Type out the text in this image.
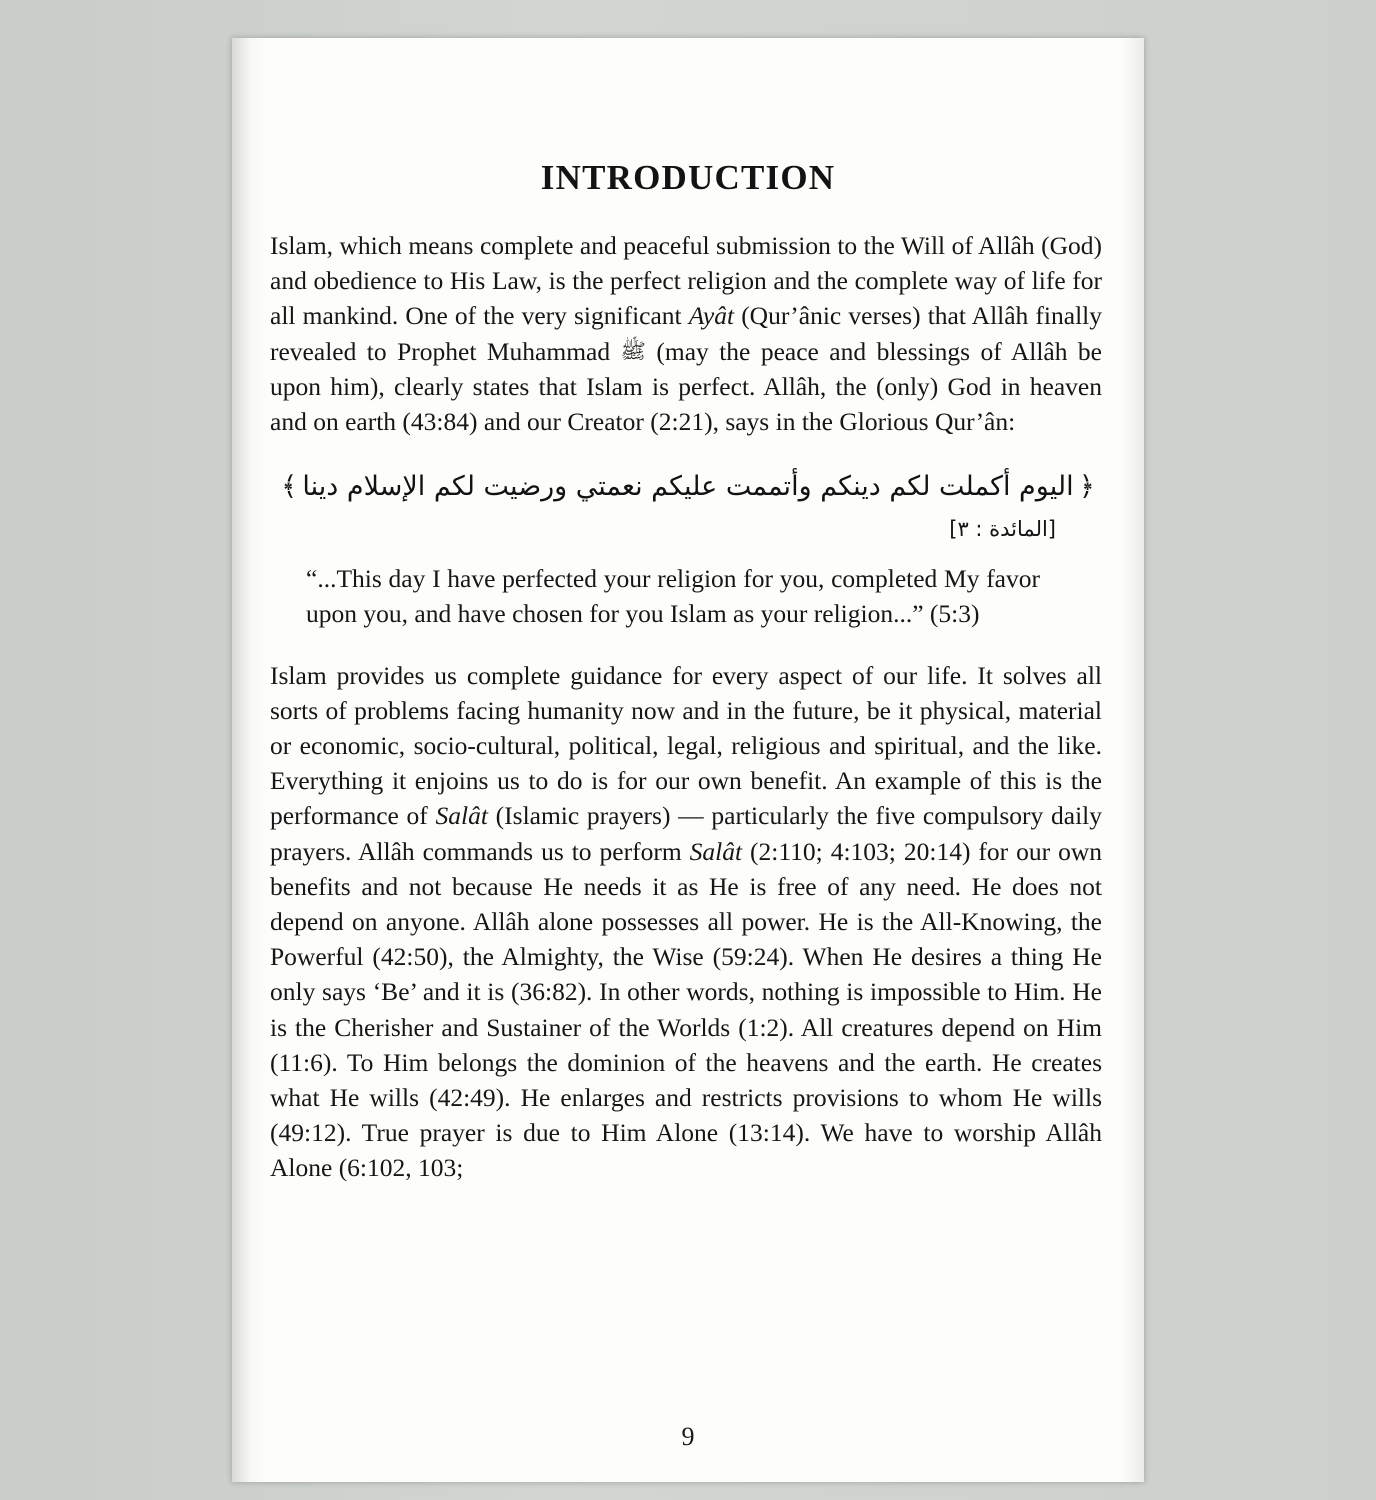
INTRODUCTION

Islam, which means complete and peaceful submission to the Will of Allâh (God) and obedience to His Law, is the perfect religion and the complete way of life for all mankind. One of the very significant Ayât (Qur’ânic verses) that Allâh finally revealed to Prophet Muhammad ﷺ (may the peace and blessings of Allâh be upon him), clearly states that Islam is perfect. Allâh, the (only) God in heaven and on earth (43:84) and our Creator (2:21), says in the Glorious Qur’ân:

﴿ اليوم أكملت لكم دينكم وأتممت عليكم نعمتي ورضيت لكم الإسلام دينا ﴾
[المائدة : ٣]

“...This day I have perfected your religion for you, completed My favor upon you, and have chosen for you Islam as your religion...” (5:3)

Islam provides us complete guidance for every aspect of our life. It solves all sorts of problems facing humanity now and in the future, be it physical, material or economic, socio-cultural, political, legal, religious and spiritual, and the like. Everything it enjoins us to do is for our own benefit. An example of this is the performance of Salât (Islamic prayers) — particularly the five compulsory daily prayers. Allâh commands us to perform Salât (2:110; 4:103; 20:14) for our own benefits and not because He needs it as He is free of any need. He does not depend on anyone. Allâh alone possesses all power. He is the All-Knowing, the Powerful (42:50), the Almighty, the Wise (59:24). When He desires a thing He only says ‘Be’ and it is (36:82). In other words, nothing is impossible to Him. He is the Cherisher and Sustainer of the Worlds (1:2). All creatures depend on Him (11:6). To Him belongs the dominion of the heavens and the earth. He creates what He wills (42:49). He enlarges and restricts provisions to whom He wills (49:12). True prayer is due to Him Alone (13:14). We have to worship Allâh Alone (6:102, 103;

9
